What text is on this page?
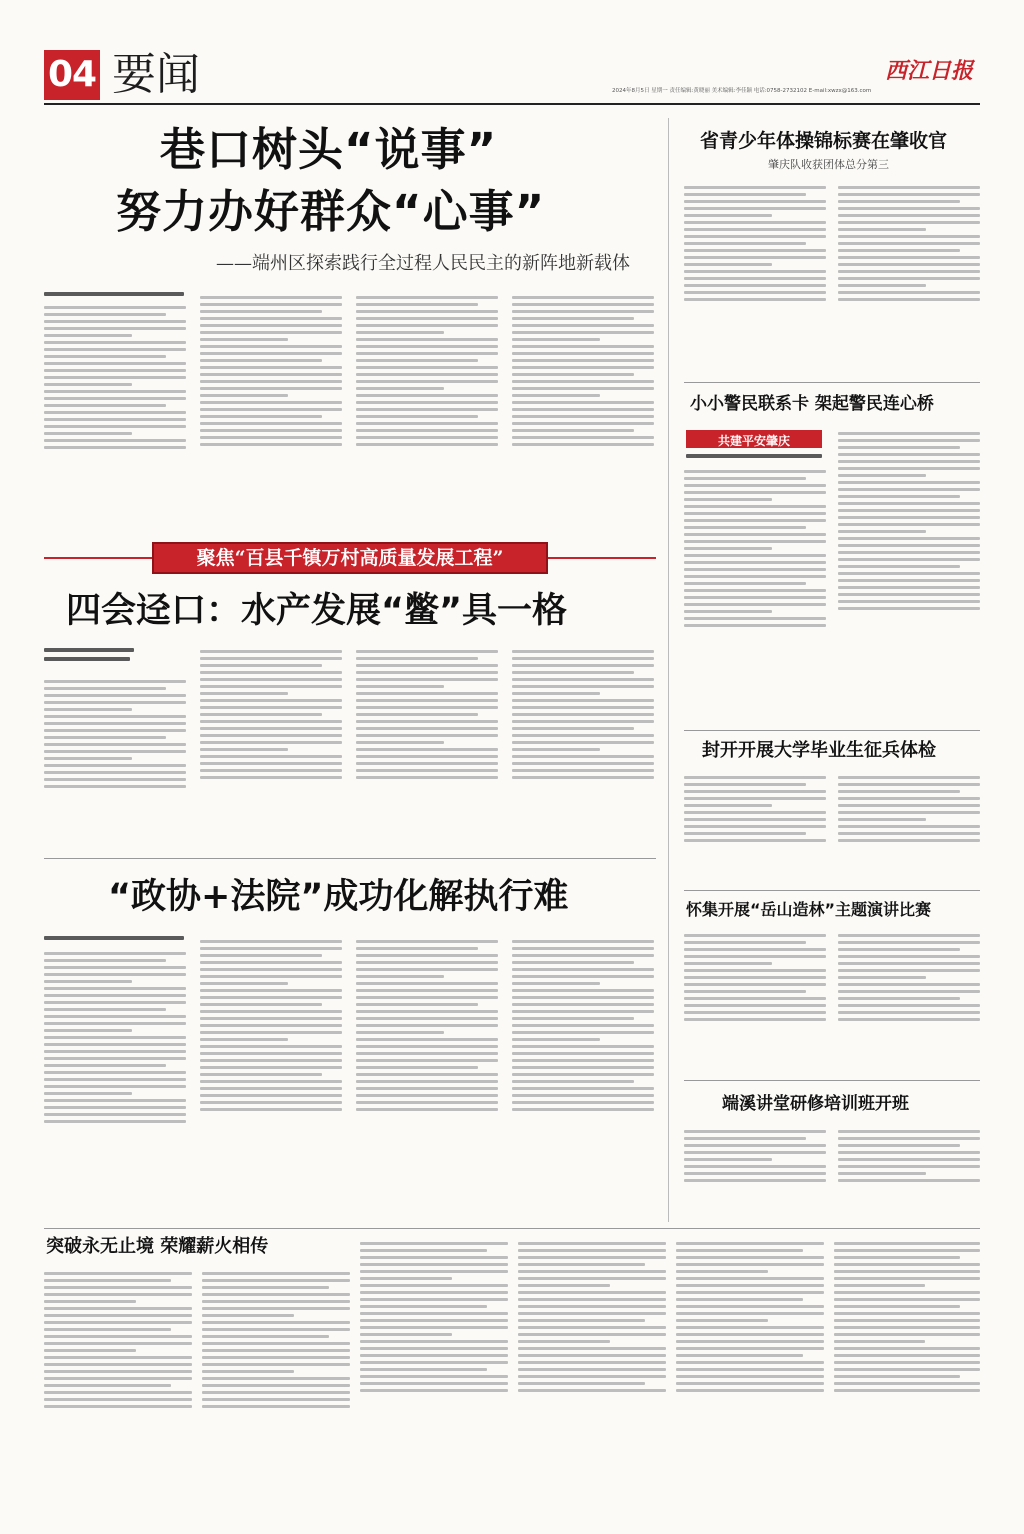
04 要闻	西江日报
2024年8月5日 星期一 责任编辑:黄晓丽 美术编辑:李佳颖 电话:0758-2732102 E-mail:xwzx@163.com
巷口树头“说事”
努力办好群众“心事”
——端州区探索践行全过程人民民主的新阵地新载体
聚焦“百县千镇万村高质量发展工程”
四会迳口：水产发展“鳖”具一格
“政协+法院”成功化解执行难
省青少年体操锦标赛在肇收官
肇庆队收获团体总分第三
小小警民联系卡 架起警民连心桥
共建平安肇庆
封开开展大学毕业生征兵体检
怀集开展“岳山造林”主题演讲比赛
端溪讲堂研修培训班开班
突破永无止境 荣耀薪火相传
